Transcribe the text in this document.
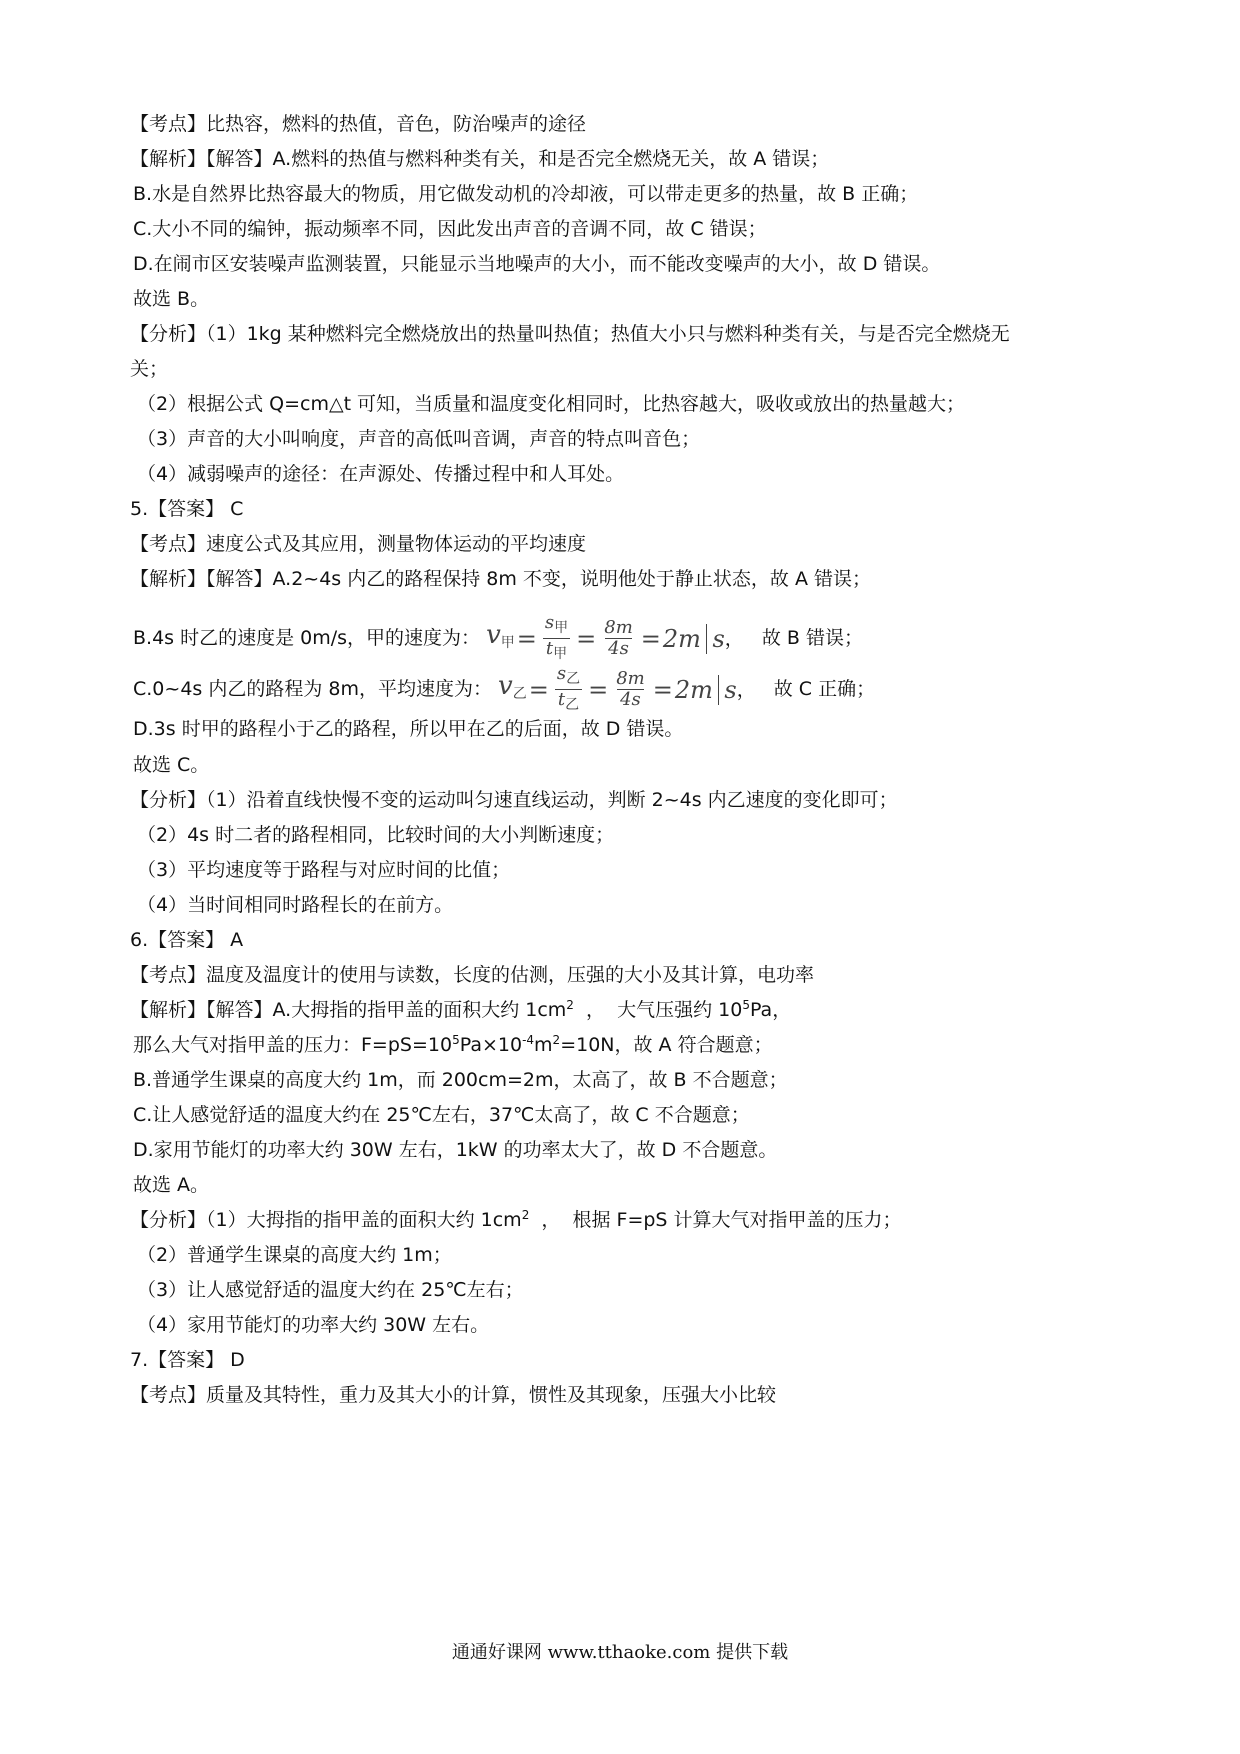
【考点】比热容，燃料的热值，音色，防治噪声的途径
【解析】【解答】A.燃料的热值与燃料种类有关，和是否完全燃烧无关，故 A 错误；
B.水是自然界比热容最大的物质，用它做发动机的冷却液，可以带走更多的热量，故 B 正确；
C.大小不同的编钟，振动频率不同，因此发出声音的音调不同，故 C 错误；
D.在闹市区安装噪声监测装置，只能显示当地噪声的大小，而不能改变噪声的大小，故 D 错误。
故选 B。
【分析】（1）1kg 某种燃料完全燃烧放出的热量叫热值；热值大小只与燃料种类有关，与是否完全燃烧无
关；
（2）根据公式 Q=cm△t 可知，当质量和温度变化相同时，比热容越大，吸收或放出的热量越大；
（3）声音的大小叫响度，声音的高低叫音调，声音的特点叫音色；
（4）减弱噪声的途径：在声源处、传播过程中和人耳处。
5.【答案】 C
【考点】速度公式及其应用，测量物体运动的平均速度
【解析】【解答】A.2~4s 内乙的路程保持 8m 不变，说明他处于静止状态，故 A 错误；
B.4s 时乙的速度是 0m/s，甲的速度为： $v_甲 = \frac{s_甲}{t_甲} = \frac{8m}{4s} = 2m$ s ， 故 B 错误；
C.0~4s 内乙的路程为 8m，平均速度为： $v_乙 = \frac{s_乙}{t_乙} = \frac{8m}{4s} = 2m$ s ， 故 C 正确；
D.3s 时甲的路程小于乙的路程，所以甲在乙的后面，故 D 错误。
故选 C。
【分析】（1）沿着直线快慢不变的运动叫匀速直线运动，判断 2~4s 内乙速度的变化即可；
（2）4s 时二者的路程相同，比较时间的大小判断速度；
（3）平均速度等于路程与对应时间的比值；
（4）当时间相同时路程长的在前方。
6.【答案】 A
【考点】温度及温度计的使用与读数，长度的估测，压强的大小及其计算，电功率
【解析】【解答】A.大拇指的指甲盖的面积大约 $1cm^2$  ，  大气压强约 $10^5Pa$，
那么大气对指甲盖的压力：$F=pS=10^5Pa\times 10^{-4}m^2=10N$，故 A 符合题意；
B.普通学生课桌的高度大约 1m，而 200cm=2m，太高了，故 B 不合题意；
C.让人感觉舒适的温度大约在 25℃左右，37℃太高了，故 C 不合题意；
D.家用节能灯的功率大约 30W 左右，1kW 的功率太大了，故 D 不合题意。
故选 A。
【分析】（1）大拇指的指甲盖的面积大约 $1cm^2$  ，  根据 F=pS 计算大气对指甲盖的压力；
（2）普通学生课桌的高度大约 1m；
（3）让人感觉舒适的温度大约在 25℃左右；
（4）家用节能灯的功率大约 30W 左右。
7.【答案】 D
【考点】质量及其特性，重力及其大小的计算，惯性及其现象，压强大小比较
通通好课网 www.tthaoke.com 提供下载
